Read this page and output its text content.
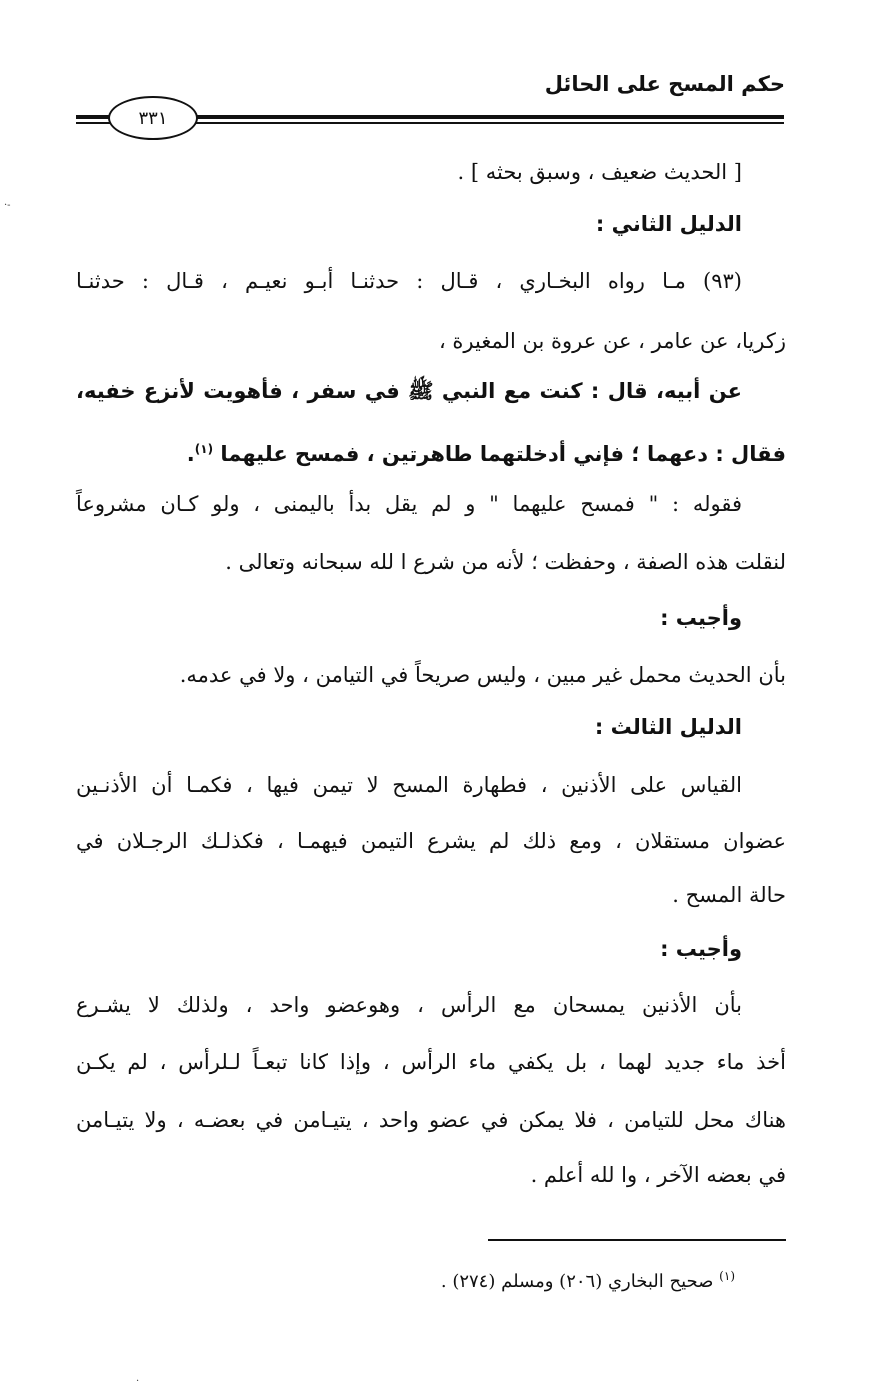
حكم المسح على الحائل
٣٣١
[ الحديث ضعيف ، وسبق بحثه ] .
الدليل الثاني :
(٩٣) مـا رواه البخـاري ، قـال : حدثنـا أبـو نعيـم ، قـال : حدثنـا
زكريا، عن عامر ، عن عروة بن المغيرة ،
عن أبيه، قال : كنت مع النبي ﷺ في سفر ، فأهويت لأنزع خفيه،
فقال : دعهما ؛ فإني أدخلتهما طاهرتين ، فمسح عليهما $^{(١)}$.
فقوله : " فمسح عليهما " و لم يقل بدأ باليمنى ، ولو كـان مشروعاً
لنقلت هذه الصفة ، وحفظت ؛ لأنه من شرع ا لله سبحانه وتعالى .
وأجيب :
بأن الحديث محمل غير مبين ، وليس صريحاً في التيامن ، ولا في عدمه.
الدليل الثالث :
القياس على الأذنين ، فطهارة المسح لا تيمن فيها ، فكمـا أن الأذنـين
عضوان مستقلان ، ومع ذلك لم يشرع التيمن فيهمـا ، فكذلـك الرجـلان في
حالة المسح .
وأجيب :
بأن الأذنين يمسحان مع الرأس ، وهوعضو واحد ، ولذلك لا يشـرع
أخذ ماء جديد لهما ، بل يكفي ماء الرأس ، وإذا كانا تبعـاً لـلرأس ، لم يكـن
هناك محل للتيامن ، فلا يمكن في عضو واحد ، يتيـامن في بعضـه ، ولا يتيـامن
في بعضه الآخر ، وا لله أعلم .
$^{(١)}$ صحيح البخاري (٢٠٦) ومسلم (٢٧٤) .
·‐
·
